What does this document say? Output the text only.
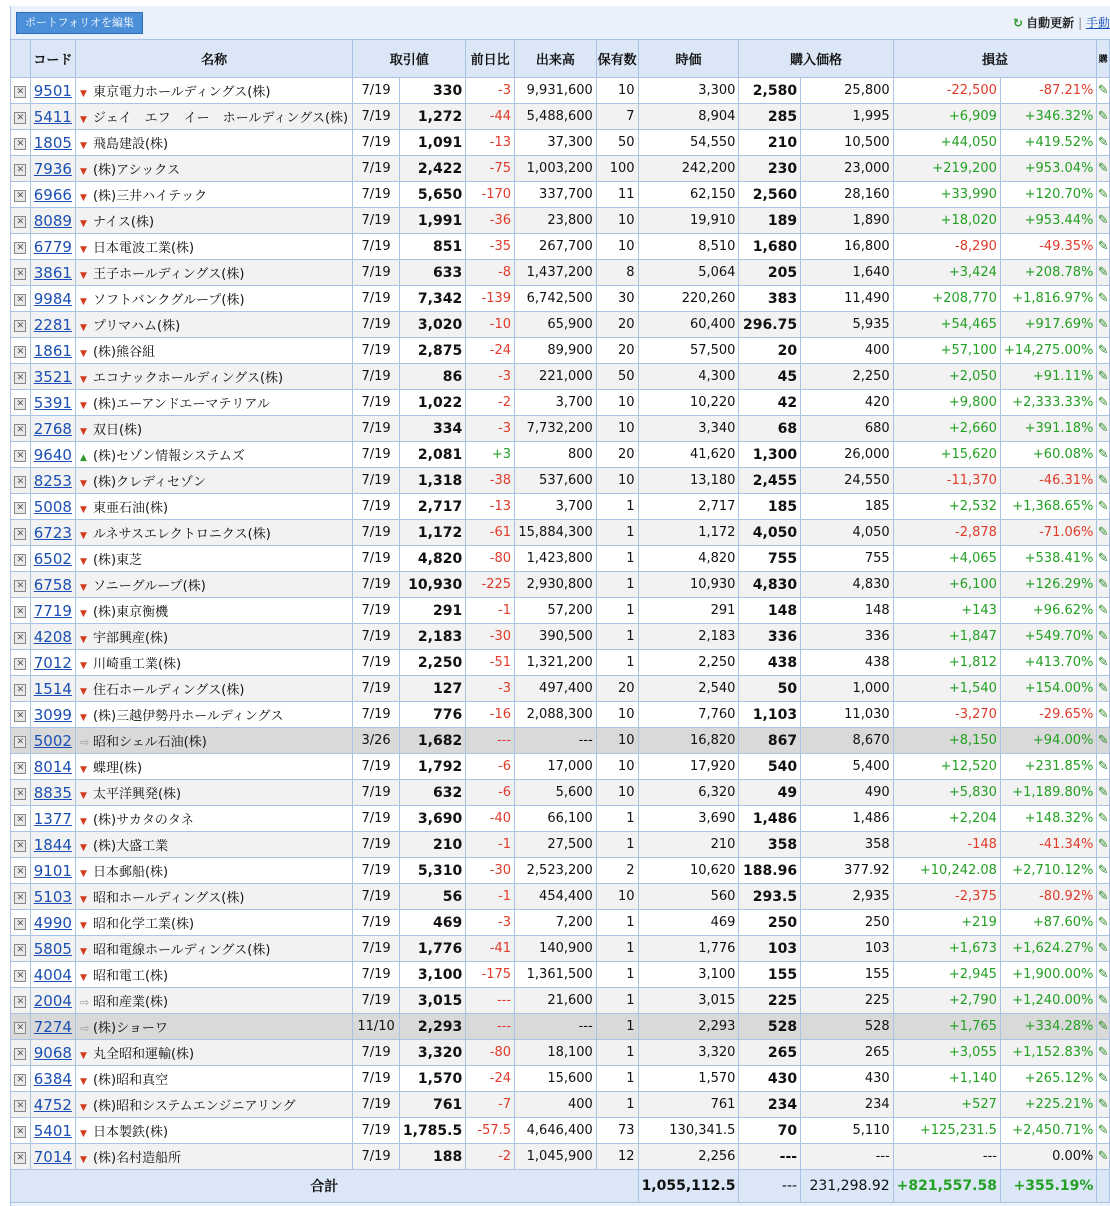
ポートフォリオを編集	↻ 自動更新 | 手動
	コード	名称	取引値		前日比	出来高	保有数	時価	購入価格		損益		購
✕	9501	▼ 東京電力ホールディングス(株)	7/19	330	-3	9,931,600	10	3,300	2,580	25,800	-22,500	-87.21%	✎
✕	5411	▼ ジェイ　エフ　イー　ホールディングス(株)	7/19	1,272	-44	5,488,600	7	8,904	285	1,995	+6,909	+346.32%	✎
✕	1805	▼ 飛島建設(株)	7/19	1,091	-13	37,300	50	54,550	210	10,500	+44,050	+419.52%	✎
✕	7936	▼ (株)アシックス	7/19	2,422	-75	1,003,200	100	242,200	230	23,000	+219,200	+953.04%	✎
✕	6966	▼ (株)三井ハイテック	7/19	5,650	-170	337,700	11	62,150	2,560	28,160	+33,990	+120.70%	✎
✕	8089	▼ ナイス(株)	7/19	1,991	-36	23,800	10	19,910	189	1,890	+18,020	+953.44%	✎
✕	6779	▼ 日本電波工業(株)	7/19	851	-35	267,700	10	8,510	1,680	16,800	-8,290	-49.35%	✎
✕	3861	▼ 王子ホールディングス(株)	7/19	633	-8	1,437,200	8	5,064	205	1,640	+3,424	+208.78%	✎
✕	9984	▼ ソフトバンクグループ(株)	7/19	7,342	-139	6,742,500	30	220,260	383	11,490	+208,770	+1,816.97%	✎
✕	2281	▼ プリマハム(株)	7/19	3,020	-10	65,900	20	60,400	296.75	5,935	+54,465	+917.69%	✎
✕	1861	▼ (株)熊谷組	7/19	2,875	-24	89,900	20	57,500	20	400	+57,100	+14,275.00%	✎
✕	3521	▼ エコナックホールディングス(株)	7/19	86	-3	221,000	50	4,300	45	2,250	+2,050	+91.11%	✎
✕	5391	▼ (株)エーアンドエーマテリアル	7/19	1,022	-2	3,700	10	10,220	42	420	+9,800	+2,333.33%	✎
✕	2768	▼ 双日(株)	7/19	334	-3	7,732,200	10	3,340	68	680	+2,660	+391.18%	✎
✕	9640	▲ (株)セゾン情報システムズ	7/19	2,081	+3	800	20	41,620	1,300	26,000	+15,620	+60.08%	✎
✕	8253	▼ (株)クレディセゾン	7/19	1,318	-38	537,600	10	13,180	2,455	24,550	-11,370	-46.31%	✎
✕	5008	▼ 東亜石油(株)	7/19	2,717	-13	3,700	1	2,717	185	185	+2,532	+1,368.65%	✎
✕	6723	▼ ルネサスエレクトロニクス(株)	7/19	1,172	-61	15,884,300	1	1,172	4,050	4,050	-2,878	-71.06%	✎
✕	6502	▼ (株)東芝	7/19	4,820	-80	1,423,800	1	4,820	755	755	+4,065	+538.41%	✎
✕	6758	▼ ソニーグループ(株)	7/19	10,930	-225	2,930,800	1	10,930	4,830	4,830	+6,100	+126.29%	✎
✕	7719	▼ (株)東京衡機	7/19	291	-1	57,200	1	291	148	148	+143	+96.62%	✎
✕	4208	▼ 宇部興産(株)	7/19	2,183	-30	390,500	1	2,183	336	336	+1,847	+549.70%	✎
✕	7012	▼ 川崎重工業(株)	7/19	2,250	-51	1,321,200	1	2,250	438	438	+1,812	+413.70%	✎
✕	1514	▼ 住石ホールディングス(株)	7/19	127	-3	497,400	20	2,540	50	1,000	+1,540	+154.00%	✎
✕	3099	▼ (株)三越伊勢丹ホールディングス	7/19	776	-16	2,088,300	10	7,760	1,103	11,030	-3,270	-29.65%	✎
✕	5002	⇨ 昭和シェル石油(株)	3/26	1,682	---	---	10	16,820	867	8,670	+8,150	+94.00%	✎
✕	8014	▼ 蝶理(株)	7/19	1,792	-6	17,000	10	17,920	540	5,400	+12,520	+231.85%	✎
✕	8835	▼ 太平洋興発(株)	7/19	632	-6	5,600	10	6,320	49	490	+5,830	+1,189.80%	✎
✕	1377	▼ (株)サカタのタネ	7/19	3,690	-40	66,100	1	3,690	1,486	1,486	+2,204	+148.32%	✎
✕	1844	▼ (株)大盛工業	7/19	210	-1	27,500	1	210	358	358	-148	-41.34%	✎
✕	9101	▼ 日本郵船(株)	7/19	5,310	-30	2,523,200	2	10,620	188.96	377.92	+10,242.08	+2,710.12%	✎
✕	5103	▼ 昭和ホールディングス(株)	7/19	56	-1	454,400	10	560	293.5	2,935	-2,375	-80.92%	✎
✕	4990	▼ 昭和化学工業(株)	7/19	469	-3	7,200	1	469	250	250	+219	+87.60%	✎
✕	5805	▼ 昭和電線ホールディングス(株)	7/19	1,776	-41	140,900	1	1,776	103	103	+1,673	+1,624.27%	✎
✕	4004	▼ 昭和電工(株)	7/19	3,100	-175	1,361,500	1	3,100	155	155	+2,945	+1,900.00%	✎
✕	2004	⇨ 昭和産業(株)	7/19	3,015	---	21,600	1	3,015	225	225	+2,790	+1,240.00%	✎
✕	7274	⇨ (株)ショーワ	11/10	2,293	---	---	1	2,293	528	528	+1,765	+334.28%	✎
✕	9068	▼ 丸全昭和運輸(株)	7/19	3,320	-80	18,100	1	3,320	265	265	+3,055	+1,152.83%	✎
✕	6384	▼ (株)昭和真空	7/19	1,570	-24	15,600	1	1,570	430	430	+1,140	+265.12%	✎
✕	4752	▼ (株)昭和システムエンジニアリング	7/19	761	-7	400	1	761	234	234	+527	+225.21%	✎
✕	5401	▼ 日本製鉄(株)	7/19	1,785.5	-57.5	4,646,400	73	130,341.5	70	5,110	+125,231.5	+2,450.71%	✎
✕	7014	▼ (株)名村造船所	7/19	188	-2	1,045,900	12	2,256	---	---	---	0.00%	✎
合計								1,055,112.5	---	231,298.92	+821,557.58	+355.19%	
